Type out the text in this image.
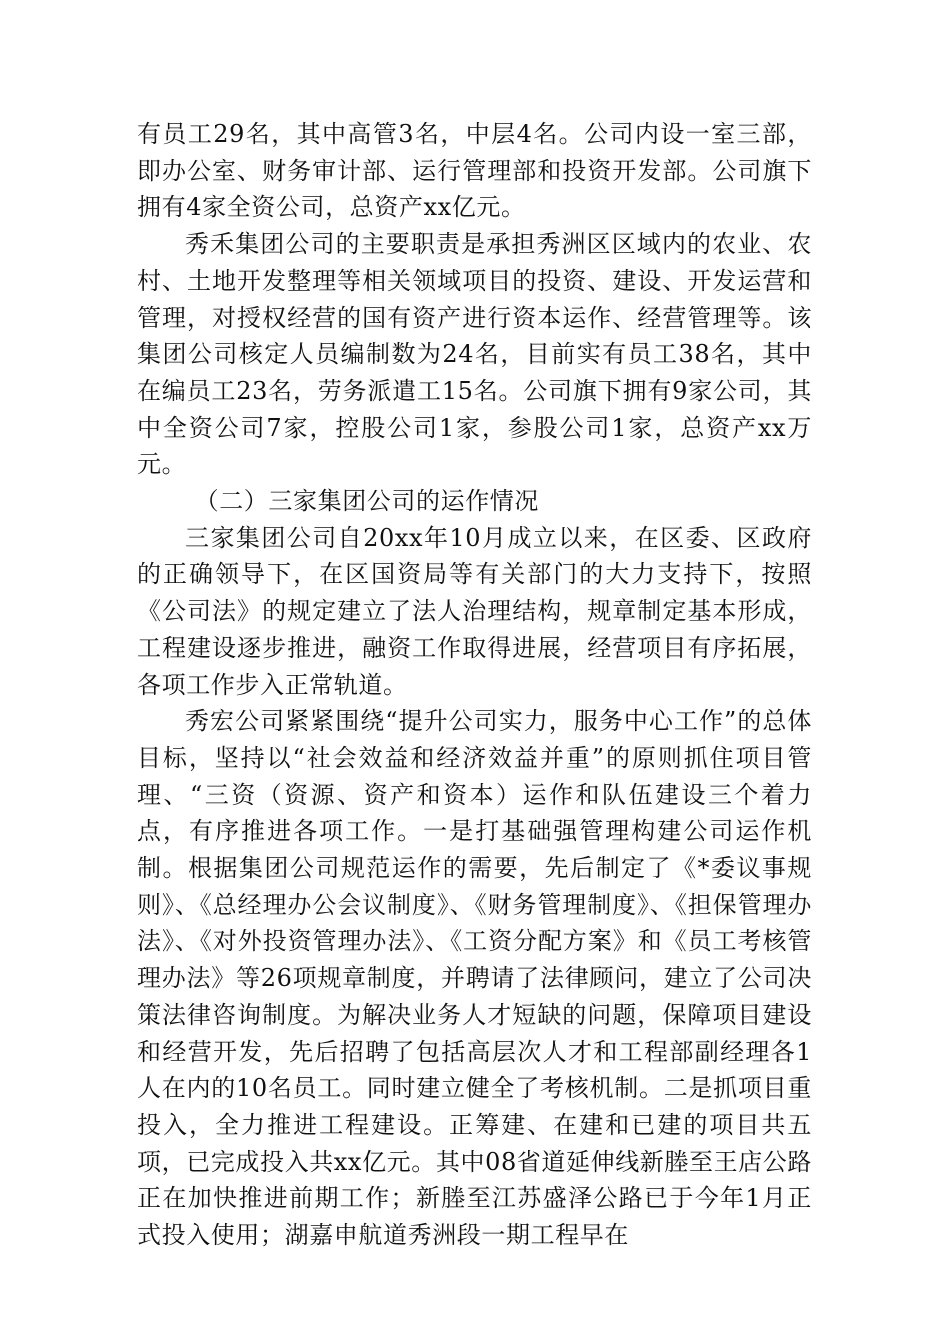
有员工29名，其中高管3名，中层4名。公司内设一室三部，即办公室、财务审计部、运行管理部和投资开发部。公司旗下拥有4家全资公司，总资产xx亿元。

秀禾集团公司的主要职责是承担秀洲区区域内的农业、农村、土地开发整理等相关领域项目的投资、建设、开发运营和管理，对授权经营的国有资产进行资本运作、经营管理等。该集团公司核定人员编制数为24名，目前实有员工38名，其中在编员工23名，劳务派遣工15名。公司旗下拥有9家公司，其中全资公司7家，控股公司1家，参股公司1家，总资产xx万元。

（二）三家集团公司的运作情况

三家集团公司自20xx年10月成立以来，在区委、区政府的正确领导下，在区国资局等有关部门的大力支持下，按照《公司法》的规定建立了法人治理结构，规章制定基本形成，工程建设逐步推进，融资工作取得进展，经营项目有序拓展，各项工作步入正常轨道。

秀宏公司紧紧围绕“提升公司实力，服务中心工作”的总体目标，坚持以“社会效益和经济效益并重”的原则抓住项目管理、“三资（资源、资产和资本）运作和队伍建设三个着力点，有序推进各项工作。一是打基础强管理构建公司运作机制。根据集团公司规范运作的需要，先后制定了《*委议事规则》、《总经理办公会议制度》、《财务管理制度》、《担保管理办法》、《对外投资管理办法》、《工资分配方案》和《员工考核管理办法》等26项规章制度，并聘请了法律顾问，建立了公司决策法律咨询制度。为解决业务人才短缺的问题，保障项目建设和经营开发，先后招聘了包括高层次人才和工程部副经理各1人在内的10名员工。同时建立健全了考核机制。二是抓项目重投入，全力推进工程建设。正筹建、在建和已建的项目共五项，已完成投入共xx亿元。其中08省道延伸线新塍至王店公路正在加快推进前期工作；新塍至江苏盛泽公路已于今年1月正式投入使用；湖嘉申航道秀洲段一期工程早在
